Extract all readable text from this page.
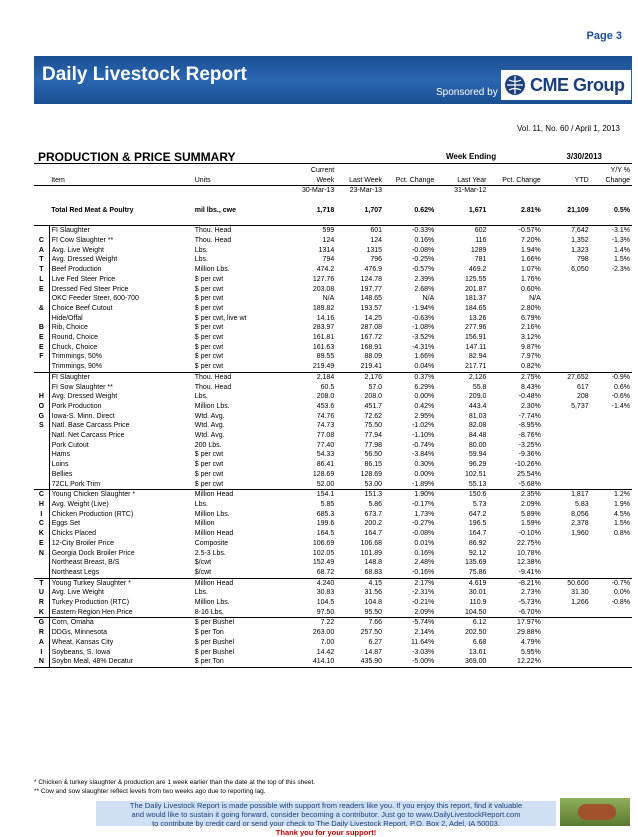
Page 3
Daily Livestock Report
Sponsored by CME Group
Vol. 11, No. 60 / April 1, 2013
PRODUCTION & PRICE SUMMARY	Week Ending	3/30/2013
			Current						Y/Y %
	Item	Units	Week	Last Week	Pct. Change	Last Year	Pct. Change	YTD	Change
			30-Mar-13	23-Mar-13		31-Mar-12			

	Total Red Meat & Poultry	mil lbs., cwe	1,718	1,707	0.62%	1,671	2.81%	21,109	0.5%

	FI Slaughter	Thou. Head	599	601	-0.33%	602	-0.57%	7,642	-3.1%
C	FI Cow Slaughter **	Thou. Head	124	124	0.16%	116	7.20%	1,352	-1.3%
A	Avg. Live Weight	Lbs.	1314	1315	-0.08%	1289	1.94%	1,323	1.4%
T	Avg. Dressed Weight	Lbs.	794	796	-0.25%	781	1.66%	798	1.5%
T	Beef Production	Million Lbs.	474.2	476.9	-0.57%	469.2	1.07%	6,050	-2.3%
L	Live Fed Steer Price	$ per cwt	127.76	124.78	2.39%	125.55	1.76%		
E	Dressed Fed Steer Price	$ per cwt	203.08	197.77	2.68%	201.87	0.60%		
	OKC Feeder Steer, 600-700	$ per cwt	N/A	148.65	N/A	181.37	N/A		
&	Choice Beef Cutout	$ per cwt	189.82	193.57	-1.94%	184.65	2.80%		
	Hide/Offal	$ per cwt, live wt	14.16	14.25	-0.63%	13.26	6.79%		
B	Rib, Choice	$ per cwt	283.97	287.08	-1.08%	277.96	2.16%		
E	Round, Choice	$ per cwt	161.81	167.72	-3.52%	156.91	3.12%		
E	Chuck, Choice	$ per cwt	161.63	168.91	-4.31%	147.11	9.87%		
F	Trimmings, 50%	$ per cwt	89.55	88.09	1.66%	82.94	7.97%		
	Trimmings, 90%	$ per cwt	219.49	219.41	0.04%	217.71	0.82%		
	FI Slaughter	Thou. Head	2,184	2,176	0.37%	2,126	2.75%	27,652	-0.9%
	FI Sow Slaughter **	Thou. Head	60.5	57.0	6.29%	55.8	8.43%	617	0.6%
H	Avg. Dressed Weight	Lbs.	208.0	208.0	0.00%	209.0	-0.48%	208	-0.6%
O	Pork Production	Million Lbs.	453.6	451.7	0.42%	443.4	2.30%	5,737	-1.4%
G	Iowa-S. Minn. Direct	Wtd. Avg.	74.76	72.62	2.95%	81.03	-7.74%		
S	Natl. Base Carcass Price	Wtd. Avg.	74.73	75.50	-1.02%	82.08	-8.95%		
	Natl. Net Carcass Price	Wtd. Avg.	77.08	77.94	-1.10%	84.48	-8.76%		
	Pork Cutout	200 Lbs.	77.40	77.98	-0.74%	80.00	-3.25%		
	Hams	$ per cwt	54.33	56.50	-3.84%	59.94	-9.36%		
	Loins	$ per cwt	86.41	86.15	0.30%	96.29	-10.26%		
	Bellies	$ per cwt	128.69	128.69	0.00%	102.51	25.54%		
	72CL Pork Trim	$ per cwt	52.00	53.00	-1.89%	55.13	-5.68%		
C	Young Chicken Slaughter *	Million Head	154.1	151.3	1.90%	150.6	2.35%	1,817	1.2%
H	Avg. Weight (Live)	Lbs.	5.85	5.86	-0.17%	5.73	2.09%	5.83	1.9%
I	Chicken Production (RTC)	Million Lbs.	685.3	673.7	1.73%	647.2	5.89%	8,056	4.5%
C	Eggs Set	Million	199.6	200.2	-0.27%	196.5	1.59%	2,378	1.5%
K	Chicks Placed	Million Head	164.5	164.7	-0.08%	164.7	-0.10%	1,960	0.8%
E	12-City Broiler Price	Composite	106.69	106.68	0.01%	86.92	22.75%		
N	Georgia Dock Broiler Price	2.5-3 Lbs.	102.05	101.89	0.16%	92.12	10.78%		
	Northeast Breast, B/S	$/cwt	152.49	148.8	2.48%	135.69	12.38%		
	Northeast Legs	$/cwt	68.72	68.83	-0.16%	75.86	-9.41%		
T	Young Turkey Slaughter *	Million Head	4.240	4.15	2.17%	4.619	-8.21%	50.600	-0.7%
U	Avg. Live Weight	Lbs.	30.83	31.56	-2.31%	30.01	2.73%	31.30	0.0%
R	Turkey Production (RTC)	Million Lbs.	104.5	104.8	-0.21%	110.9	-5.73%	1,266	-0.8%
K	Eastern Region Hen Price	8-16 Lbs.	97.50	95.50	2.09%	104.50	-6.70%		
G	Corn, Omaha	$ per Bushel	7.22	7.66	-5.74%	6.12	17.97%		
R	DDGs, Minnesota	$ per Ton	263.00	257.50	2.14%	202.50	29.88%		
A	Wheat, Kansas City	$ per Bushel	7.00	6.27	11.64%	6.68	4.79%		
I	Soybeans, S. Iowa	$ per Bushel	14.42	14.87	-3.03%	13.61	5.95%		
N	Soybn Meal, 48% Decatur	$ per Ton	414.10	435.90	-5.00%	369.00	12.22%		

* Chicken & turkey slaughter & production are 1 week earlier than the date at the top of this sheet.
** Cow and sow slaughter reflect levels from two weeks ago due to reporting lag.
The Daily Livestock Report is made possible with support from readers like you. If you enjoy this report, find it valuable
and would like to sustain it going forward, consider becoming a contributor. Just go to www.DailyLivestockReport.com
to contribute by credit card or send your check to The Daily Livestock Report, P.O. Box 2, Adel, IA 50003.
Thank you for your support!
